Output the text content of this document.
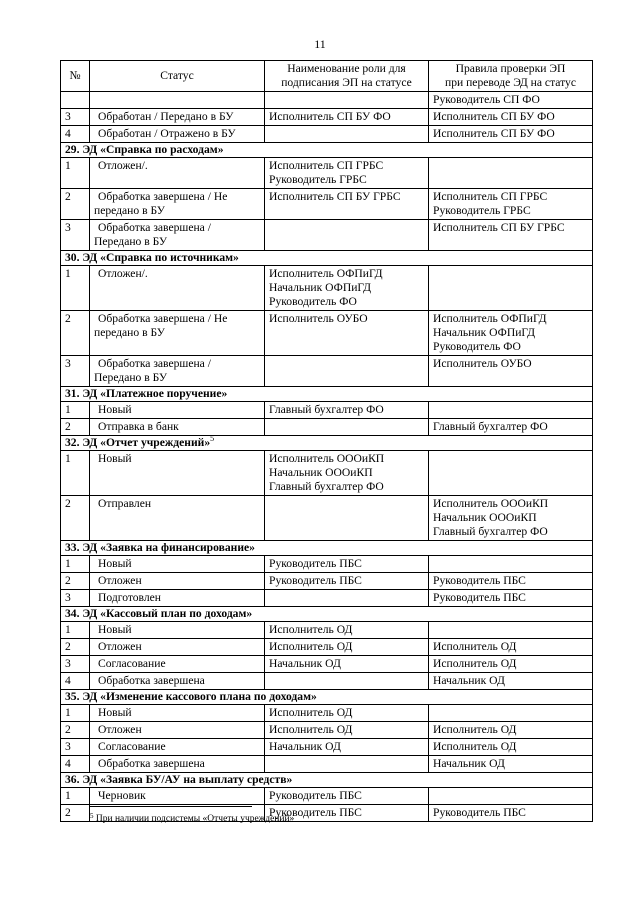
11
№	Статус	Наименование роли для
подписания ЭП на статусе	Правила проверки ЭП
при переводе ЭД на статус

			Руководитель СП ФО

3	Обработан / Передано в БУ	Исполнитель СП БУ ФО	Исполнитель СП БУ ФО

4	Обработан / Отражено в БУ		Исполнитель СП БУ ФО

29. ЭД «Справка по расходам»			
1	Отложен/.	Исполнитель СП ГРБС
Руководитель ГРБС	

2	Обработка завершена / Не
передано в БУ	Исполнитель СП БУ ГРБС	Исполнитель СП ГРБС
Руководитель ГРБС

3	Обработка завершена /
Передано в БУ		Исполнитель СП БУ ГРБС

30. ЭД «Справка по источникам»			
1	Отложен/.	Исполнитель ОФПиГД
Начальник ОФПиГД
Руководитель ФО	

2	Обработка завершена / Не
передано в БУ	Исполнитель ОУБО	Исполнитель ОФПиГД
Начальник ОФПиГД
Руководитель ФО

3	Обработка завершена /
Передано в БУ		Исполнитель ОУБО

31. ЭД «Платежное поручение»			
1	Новый	Главный бухгалтер ФО	

2	Отправка в банк		Главный бухгалтер ФО

32. ЭД «Отчет учреждений»$^5$
1	Новый	Исполнитель ОООиКП
Начальник ОООиКП
Главный бухгалтер ФО	

2	Отправлен		Исполнитель ОООиКП
Начальник ОООиКП
Главный бухгалтер ФО

33. ЭД «Заявка на финансирование»			
1	Новый	Руководитель ПБС	

2	Отложен	Руководитель ПБС	Руководитель ПБС

3	Подготовлен		Руководитель ПБС

34. ЭД «Кассовый план по доходам»			
1	Новый	Исполнитель ОД	

2	Отложен	Исполнитель ОД	Исполнитель ОД

3	Согласование	Начальник ОД	Исполнитель ОД

4	Обработка завершена		Начальник ОД

35. ЭД «Изменение кассового плана по доходам»			
1	Новый	Исполнитель ОД	

2	Отложен	Исполнитель ОД	Исполнитель ОД

3	Согласование	Начальник ОД	Исполнитель ОД

4	Обработка завершена		Начальник ОД

36. ЭД «Заявка БУ/АУ на выплату средств»			
1	Черновик	Руководитель ПБС	

2		Руководитель ПБС	Руководитель ПБС
$^5$ При наличии подсистемы «Отчеты учреждений»
